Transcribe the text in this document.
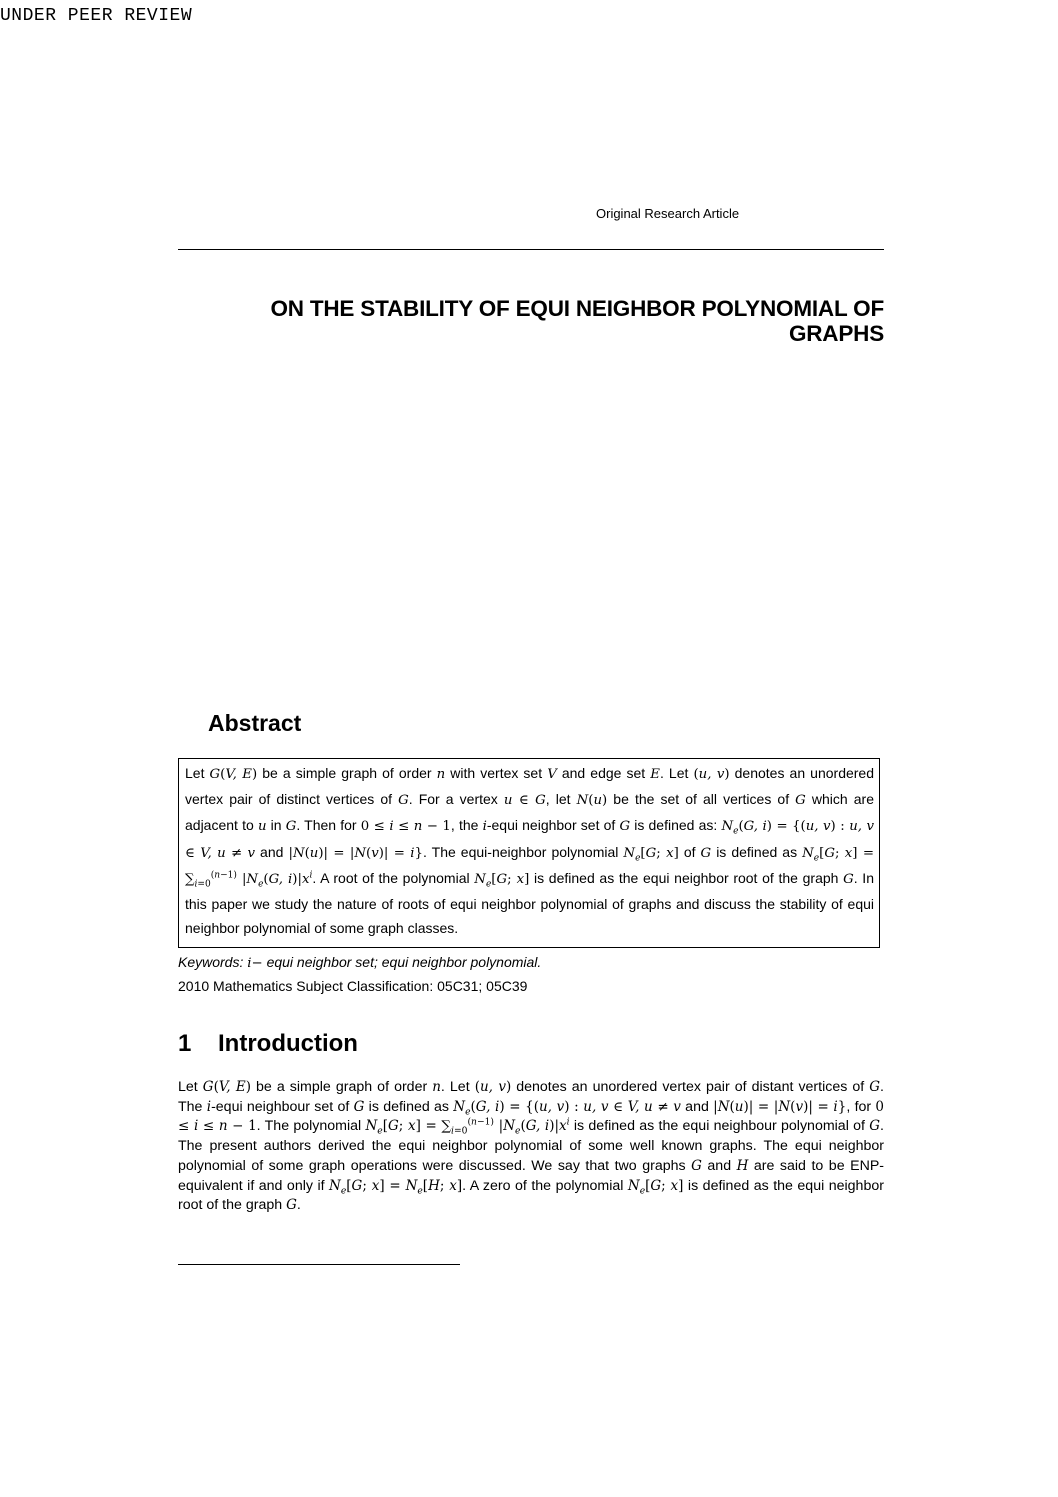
UNDER PEER REVIEW
Original Research Article
ON THE STABILITY OF EQUI NEIGHBOR POLYNOMIAL OF GRAPHS
Abstract
Let G(V, E) be a simple graph of order n with vertex set V and edge set E. Let (u, v) denotes an unordered vertex pair of distinct vertices of G. For a vertex u ∈ G, let N(u) be the set of all vertices of G which are adjacent to u in G. Then for 0 ≤ i ≤ n − 1, the i-equi neighbor set of G is defined as: $N_e(G$, i) = {(u, v) : u, v ∈ V, u ≠ v and |N(u)| = |N(v)| = i}. The equi-neighbor polynomial $N_e[G$; x] of G is defined as $N_e[G$; $x] = \sum_{i=0}^{(n-1)}$ $|N_e(G$, $i)|x^i$. A root of the polynomial $N_e[G$; x] is defined as the equi neighbor root of the graph G. In this paper we study the nature of roots of equi neighbor polynomial of graphs and discuss the stability of equi neighbor polynomial of some graph classes.
Keywords: i− equi neighbor set; equi neighbor polynomial.
2010 Mathematics Subject Classification: 05C31; 05C39
1 Introduction
Let G(V, E) be a simple graph of order n. Let (u, v) denotes an unordered vertex pair of distant vertices of G. The i-equi neighbour set of G is defined as $N_e(G$, i) = {(u, v) : u, v ∈ V, u ≠ v and |N(u)| = |N(v)| = i}, for 0 ≤ i ≤ n − 1. The polynomial $N_e[G$; $x] = \sum_{i=0}^{(n-1)}$ $|N_e(G$, $i)|x^i$ is defined as the equi neighbour polynomial of G. The present authors derived the equi neighbor polynomial of some well known graphs. The equi neighbor polynomial of some graph operations were discussed. We say that two graphs G and H are said to be ENP-equivalent if and only if $N_e[G$; $x] = N_e[H$; x]. A zero of the polynomial $N_e[G$; x] is defined as the equi neighbor root of the graph G.
